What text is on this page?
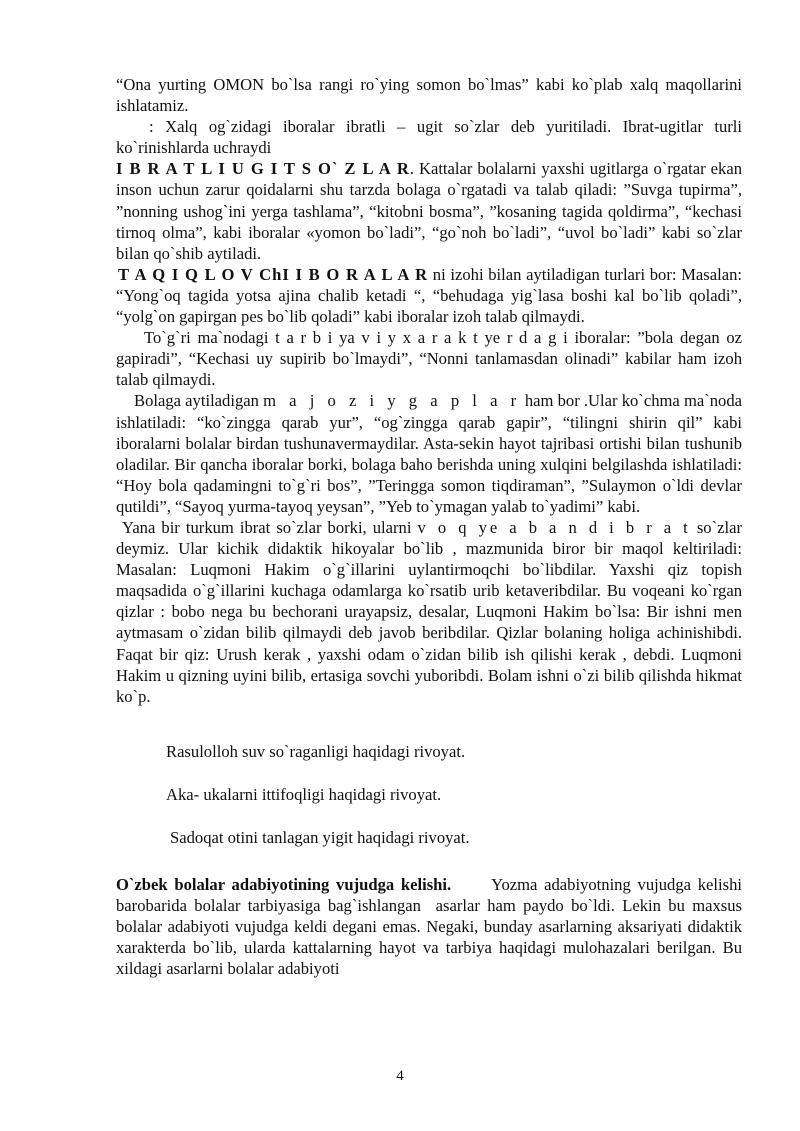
“Ona yurting OMON bo`lsa rangi ro`ying somon bo`lmas” kabi ko`plab xalq maqollarini ishlatamiz.

: Xalq og`zidagi iboralar ibratli – ugit so`zlar deb yuritiladi. Ibrat-ugitlar turli ko`rinishlarda uchraydi

I B R A T L I U G I T S O` Z L A R. Kattalar bolalarni yaxshi ugitlarga o`rgatar ekan inson uchun zarur qoidalarni shu tarzda bolaga o`rgatadi va talab qiladi: ”Suvga tupirma”, ”nonning ushog`ini yerga tashlama”, “kitobni bosma”, ”kosaning tagida qoldirma”, “kechasi tirnoq olma”, kabi iboralar «yomon bo`ladi”, “go`noh bo`ladi”, “uvol bo`ladi” kabi so`zlar bilan qo`shib aytiladi.

T A Q I Q L O V ChI I B O R A L A R ni izohi bilan aytiladigan turlari bor: Masalan: “Yong`oq tagida yotsa ajina chalib ketadi “, “behudaga yig`lasa boshi kal bo`lib qoladi”, “yolg`on gapirgan pes bo`lib qoladi” kabi iboralar izoh talab qilmaydi.

To`g`ri ma`nodagi t a r b i ya v i y x a r a k t ye r d a g i iboralar: ”bola degan oz gapiradi”, “Kechasi uy supirib bo`lmaydi”, “Nonni tanlamasdan olinadi” kabilar ham izoh talab qilmaydi.

Bolaga aytiladigan m a j o z i y g a p l a r ham bor .Ular ko`chma ma`noda ishlatiladi: “ko`zingga qarab yur”, “og`zingga qarab gapir”, “tilingni shirin qil” kabi iboralarni bolalar birdan tushunavermaydilar. Asta-sekin hayot tajribasi ortishi bilan tushunib oladilar. Bir qancha iboralar borki, bolaga baho berishda uning xulqini belgilashda ishlatiladi: “Hoy bola qadamingni to`g`ri bos”, ”Teringga somon tiqdiraman”, ”Sulaymon o`ldi devlar qutildi”, “Sayoq yurma-tayoq yeysan”, ”Yeb to`ymagan yalab to`yadimi” kabi.

Yana bir turkum ibrat so`zlar borki, ularni v o q ye a b a n d i b r a t so`zlar deymiz. Ular kichik didaktik hikoyalar bo`lib , mazmunida biror bir maqol keltiriladi: Masalan: Luqmoni Hakim o`g`illarini uylantirmoqchi bo`libdilar. Yaxshi qiz topish maqsadida o`g`illarini kuchaga odamlarga ko`rsatib urib ketaveribdilar. Bu voqeani ko`rgan qizlar : bobo nega bu bechorani urayapsiz, desalar, Luqmoni Hakim bo`lsa: Bir ishni men aytmasam o`zidan bilib qilmaydi deb javob beribdilar. Qizlar bolaning holiga achinishibdi. Faqat bir qiz: Urush kerak , yaxshi odam o`zidan bilib ish qilishi kerak , debdi. Luqmoni Hakim u qizning uyini bilib, ertasiga sovchi yuboribdi. Bolam ishni o`zi bilib qilishda hikmat ko`p.

Rasulolloh suv so`raganligi haqidagi rivoyat.

Aka- ukalarni ittifoqligi haqidagi rivoyat.

Sadoqat otini tanlagan yigit haqidagi rivoyat.

O`zbek bolalar adabiyotining vujudga kelishi.      Yozma adabiyotning vujudga kelishi  barobarida bolalar tarbiyasiga bag`ishlangan  asarlar ham paydo bo`ldi. Lekin bu maxsus bolalar adabiyoti vujudga keldi degani emas. Negaki, bunday asarlarning aksariyati didaktik xarakterda bo`lib, ularda kattalarning hayot va tarbiya haqidagi mulohazalari berilgan. Bu xildagi asarlarni bolalar adabiyoti

4
